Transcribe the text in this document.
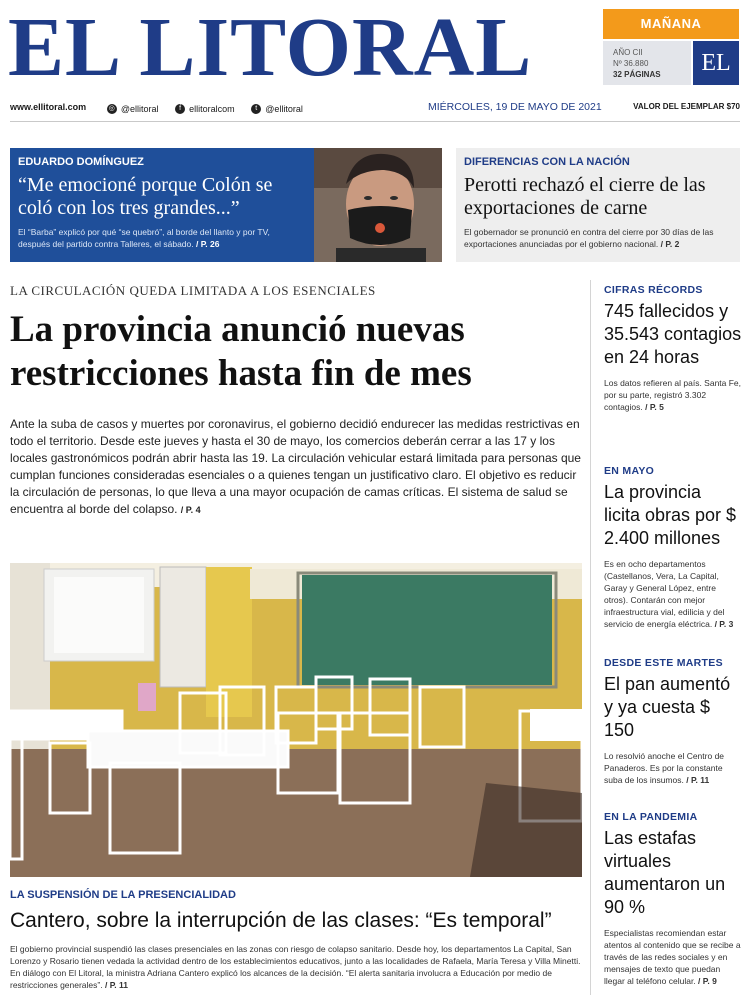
EL LITORAL	MAÑANA
AÑO CII
Nº 36.880
32 PÁGINAS	EL
www.ellitoral.com	◎ @ellitoral
	f ellitoralcom
	t @ellitoral	MIÉRCOLES, 19 DE MAYO DE 2021	VALOR DEL EJEMPLAR $70
EDUARDO DOMÍNGUEZ
“Me emocioné porque Colón se coló con los tres grandes...”
El “Barba” explicó por qué “se quebró”, al borde del llanto y por TV, después del partido contra Talleres, el sábado. / P. 26
DIFERENCIAS CON LA NACIÓN
Perotti rechazó el cierre de las exportaciones de carne
El gobernador se pronunció en contra del cierre por 30 días de las exportaciones anunciadas por el gobierno nacional. / P. 2
LA CIRCULACIÓN QUEDA LIMITADA A LOS ESENCIALES
La provincia anunció nuevas restricciones hasta fin de mes
Ante la suba de casos y muertes por coronavirus, el gobierno decidió endurecer las medidas restrictivas en todo el territorio. Desde este jueves y hasta el 30 de mayo, los comercios deberán cerrar a las 17 y los locales gastronómicos podrán abrir hasta las 19. La circulación vehicular estará limitada para personas que cumplan funciones consideradas esenciales o a quienes tengan un justificativo claro. El objetivo es reducir la circulación de personas, lo que lleva a una mayor ocupación de camas críticas. El sistema de salud se encuentra al borde del colapso. / P. 4
LA SUSPENSIÓN DE LA PRESENCIALIDAD
Cantero, sobre la interrupción de las clases: “Es temporal”
El gobierno provincial suspendió las clases presenciales en las zonas con riesgo de colapso sanitario. Desde hoy, los departamentos La Capital, San Lorenzo y Rosario tienen vedada la actividad dentro de los establecimientos educativos, junto a las localidades de Rafaela, María Teresa y Villa Minetti. En diálogo con El Litoral, la ministra Adriana Cantero explicó los alcances de la decisión. “El alerta sanitaria involucra a Educación por medio de restricciones generales”. / P. 11
CIFRAS RÉCORDS
745 fallecidos y 35.543 contagios en 24 horas
Los datos refieren al país. Santa Fe, por su parte, registró 3.302 contagios. / P. 5
EN MAYO
La provincia licita obras por $ 2.400 millones
Es en ocho departamentos (Castellanos, Vera, La Capital, Garay y General López, entre otros). Contarán con mejor infraestructura vial, edilicia y del servicio de energía eléctrica. / P. 3
DESDE ESTE MARTES
El pan aumentó y ya cuesta $ 150
Lo resolvió anoche el Centro de Panaderos. Es por la constante suba de los insumos. / P. 11
EN LA PANDEMIA
Las estafas virtuales aumentaron un 90 %
Especialistas recomiendan estar atentos al contenido que se recibe a través de las redes sociales y en mensajes de texto que puedan llegar al teléfono celular. / P. 9
